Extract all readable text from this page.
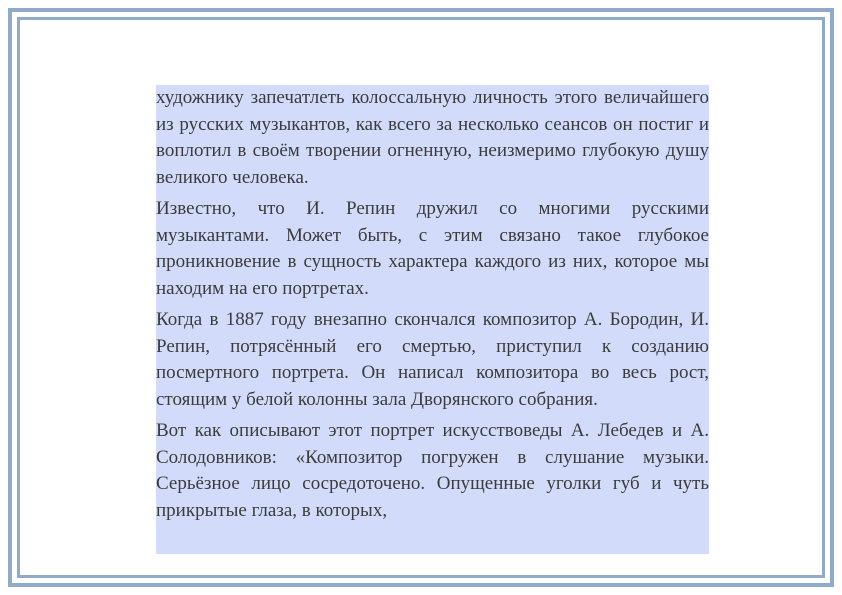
художнику запечатлеть колоссальную личность этого величайшего из русских музыкантов, как всего за несколько сеансов он постиг и воплотил в своём творении огненную, неизмеримо глубокую душу великого человека.

Известно, что И. Репин дружил со многими русскими музыкантами. Может быть, с этим связано такое глубокое проникновение в сущность характера каждого из них, которое мы находим на его портретах.

Когда в 1887 году внезапно скончался композитор А. Бородин, И. Репин, потрясённый его смертью, приступил к созданию посмертного портрета. Он написал композитора во весь рост, стоящим у белой колонны зала Дворянского собрания.

Вот как описывают этот портрет искусствоведы А. Лебедев и А. Солодовников: «Композитор погружен в слушание музыки. Серьёзное лицо сосредоточено. Опущенные уголки губ и чуть прикрытые глаза, в которых,
